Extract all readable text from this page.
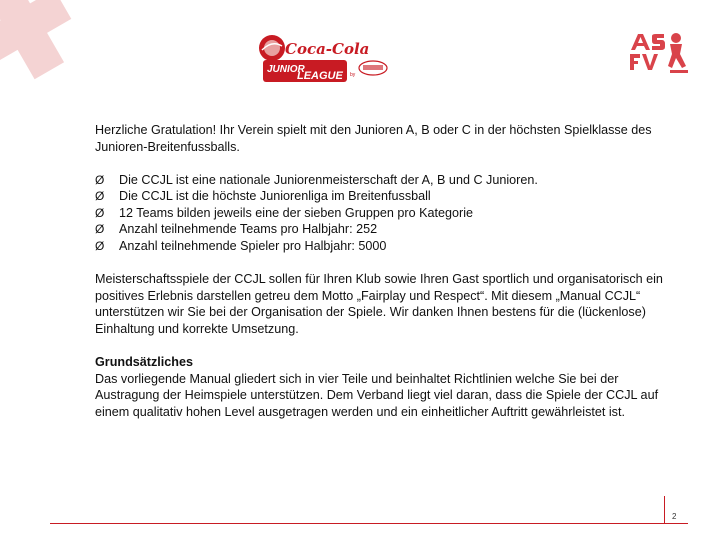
Coca-Cola
JUNIOR
LEAGUE by

Herzliche Gratulation! Ihr Verein spielt mit den Junioren A, B oder C in der höchsten Spielklasse des Junioren-Breitenfussballs.

Ø Die CCJL ist eine nationale Juniorenmeisterschaft der A, B und C Junioren.
Ø Die CCJL ist die höchste Juniorenliga im Breitenfussball
Ø 12 Teams bilden jeweils eine der sieben Gruppen pro Kategorie
Ø Anzahl teilnehmende Teams pro Halbjahr: 252
Ø Anzahl teilnehmende Spieler pro Halbjahr: 5000

Meisterschaftsspiele der CCJL sollen für Ihren Klub sowie Ihren Gast sportlich und organisatorisch ein positives Erlebnis darstellen getreu dem Motto „Fairplay und Respect“. Mit diesem „Manual CCJL“ unterstützen wir Sie bei der Organisation der Spiele. Wir danken Ihnen bestens für die (lückenlose) Einhaltung und korrekte Umsetzung.

Grundsätzliches

Das vorliegende Manual gliedert sich in vier Teile und beinhaltet Richtlinien welche Sie bei der Austragung der Heimspiele unterstützen. Dem Verband liegt viel daran, dass die Spiele der CCJL auf einem qualitativ hohen Level ausgetragen werden und ein einheitlicher Auftritt gewährleistet ist.

2
